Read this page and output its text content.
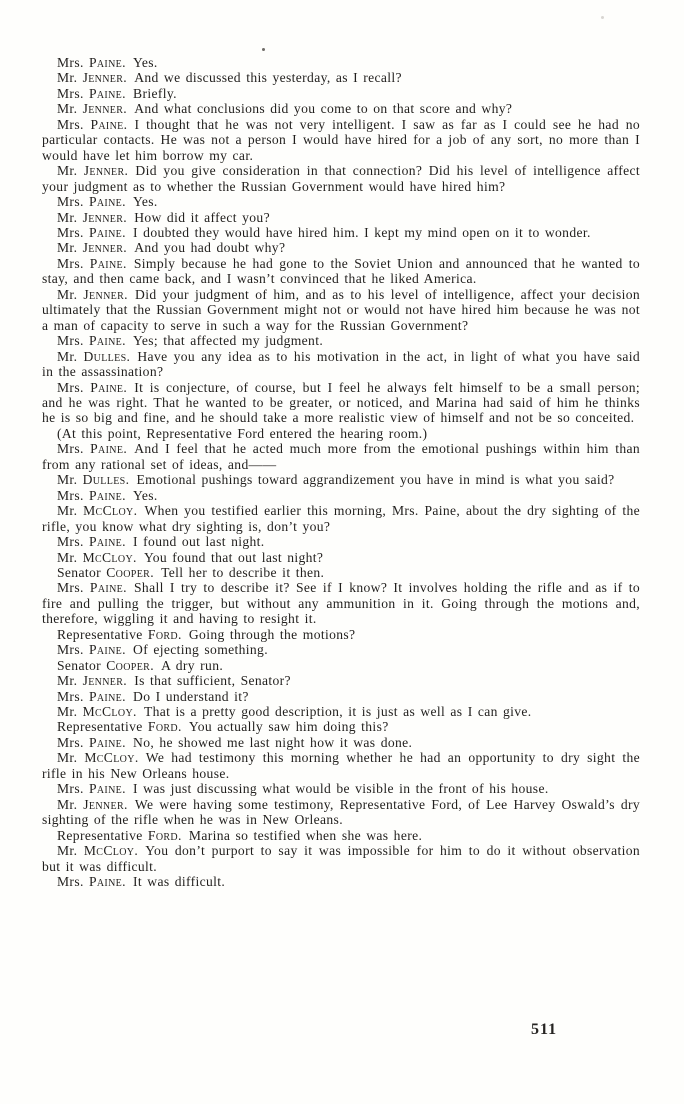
Mrs. Paine. Yes.

Mr. Jenner. And we discussed this yesterday, as I recall?

Mrs. Paine. Briefly.

Mr. Jenner. And what conclusions did you come to on that score and why?

Mrs. Paine. I thought that he was not very intelligent. I saw as far as I could see he had no particular contacts. He was not a person I would have hired for a job of any sort, no more than I would have let him borrow my car.

Mr. Jenner. Did you give consideration in that connection? Did his level of intelligence affect your judgment as to whether the Russian Government would have hired him?

Mrs. Paine. Yes.

Mr. Jenner. How did it affect you?

Mrs. Paine. I doubted they would have hired him. I kept my mind open on it to wonder.

Mr. Jenner. And you had doubt why?

Mrs. Paine. Simply because he had gone to the Soviet Union and announced that he wanted to stay, and then came back, and I wasn’t convinced that he liked America.

Mr. Jenner. Did your judgment of him, and as to his level of intelligence, affect your decision ultimately that the Russian Government might not or would not have hired him because he was not a man of capacity to serve in such a way for the Russian Government?

Mrs. Paine. Yes; that affected my judgment.

Mr. Dulles. Have you any idea as to his motivation in the act, in light of what you have said in the assassination?

Mrs. Paine. It is conjecture, of course, but I feel he always felt himself to be a small person; and he was right. That he wanted to be greater, or noticed, and Marina had said of him he thinks he is so big and fine, and he should take a more realistic view of himself and not be so conceited.

(At this point, Representative Ford entered the hearing room.)

Mrs. Paine. And I feel that he acted much more from the emotional pushings within him than from any rational set of ideas, and——

Mr. Dulles. Emotional pushings toward aggrandizement you have in mind is what you said?

Mrs. Paine. Yes.

Mr. McCloy. When you testified earlier this morning, Mrs. Paine, about the dry sighting of the rifle, you know what dry sighting is, don’t you?

Mrs. Paine. I found out last night.

Mr. McCloy. You found that out last night?

Senator Cooper. Tell her to describe it then.

Mrs. Paine. Shall I try to describe it? See if I know? It involves holding the rifle and as if to fire and pulling the trigger, but without any ammunition in it. Going through the motions and, therefore, wiggling it and having to resight it.

Representative Ford. Going through the motions?

Mrs. Paine. Of ejecting something.

Senator Cooper. A dry run.

Mr. Jenner. Is that sufficient, Senator?

Mrs. Paine. Do I understand it?

Mr. McCloy. That is a pretty good description, it is just as well as I can give.

Representative Ford. You actually saw him doing this?

Mrs. Paine. No, he showed me last night how it was done.

Mr. McCloy. We had testimony this morning whether he had an opportunity to dry sight the rifle in his New Orleans house.

Mrs. Paine. I was just discussing what would be visible in the front of his house.

Mr. Jenner. We were having some testimony, Representative Ford, of Lee Harvey Oswald’s dry sighting of the rifle when he was in New Orleans.

Representative Ford. Marina so testified when she was here.

Mr. McCloy. You don’t purport to say it was impossible for him to do it without observation but it was difficult.

Mrs. Paine. It was difficult.

511
